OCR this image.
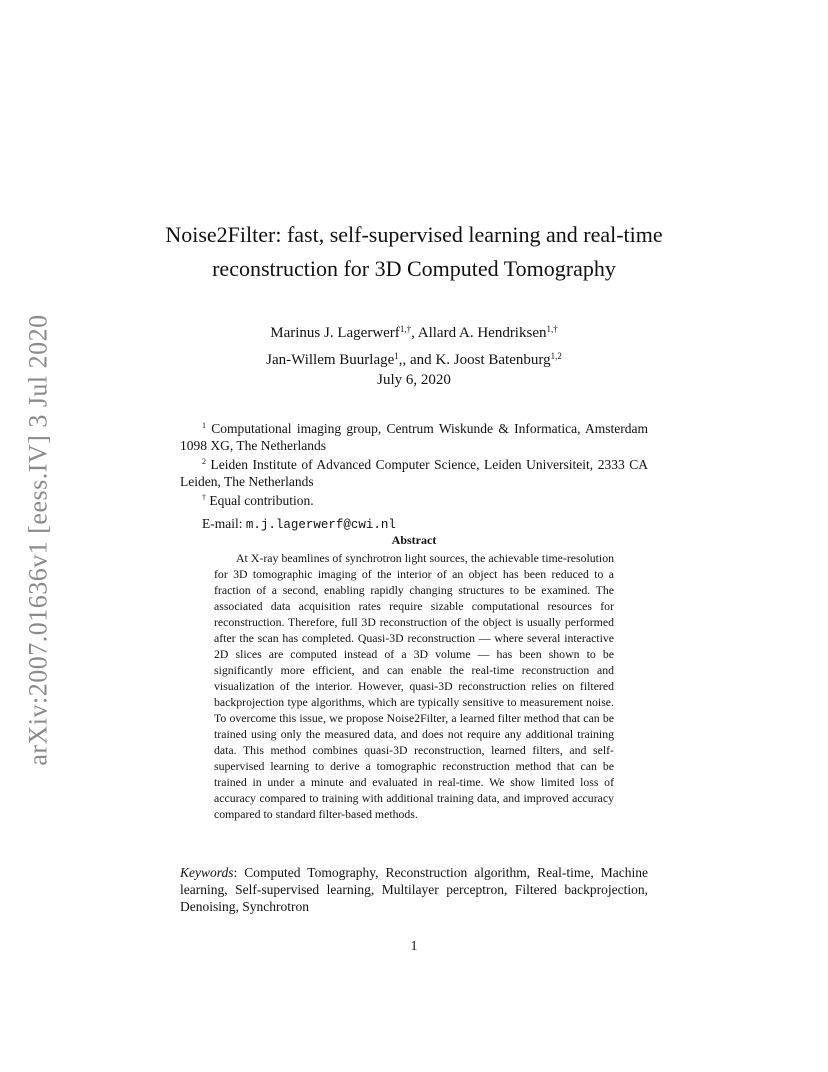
arXiv:2007.01636v1 [eess.IV] 3 Jul 2020
Noise2Filter: fast, self-supervised learning and real-time reconstruction for 3D Computed Tomography
Marinus J. Lagerwerf$^{1,\dagger}$, Allard A. Hendriksen$^{1,\dagger}$
Jan-Willem Buurlage$^1$,, and K. Joost Batenburg$^{1,2}$
July 6, 2020
$^1$ Computational imaging group, Centrum Wiskunde & Informatica, Amsterdam 1098 XG, The Netherlands
$^2$ Leiden Institute of Advanced Computer Science, Leiden Universiteit, 2333 CA Leiden, The Netherlands
† Equal contribution.
E-mail: m.j.lagerwerf@cwi.nl
Abstract
At X-ray beamlines of synchrotron light sources, the achievable time-resolution for 3D tomographic imaging of the interior of an object has been reduced to a fraction of a second, enabling rapidly changing structures to be examined. The associated data acquisition rates require sizable computational resources for reconstruction. Therefore, full 3D reconstruction of the object is usually performed after the scan has completed. Quasi-3D reconstruction — where several interactive 2D slices are computed instead of a 3D volume — has been shown to be significantly more efficient, and can enable the real-time reconstruction and visualization of the interior. However, quasi-3D reconstruction relies on filtered backprojection type algorithms, which are typically sensitive to measurement noise. To overcome this issue, we propose Noise2Filter, a learned filter method that can be trained using only the measured data, and does not require any additional training data. This method combines quasi-3D reconstruction, learned filters, and self-supervised learning to derive a tomographic reconstruction method that can be trained in under a minute and evaluated in real-time. We show limited loss of accuracy compared to training with additional training data, and improved accuracy compared to standard filter-based methods.
Keywords: Computed Tomography, Reconstruction algorithm, Real-time, Machine learning, Self-supervised learning, Multilayer perceptron, Filtered backprojection, Denoising, Synchrotron
1
